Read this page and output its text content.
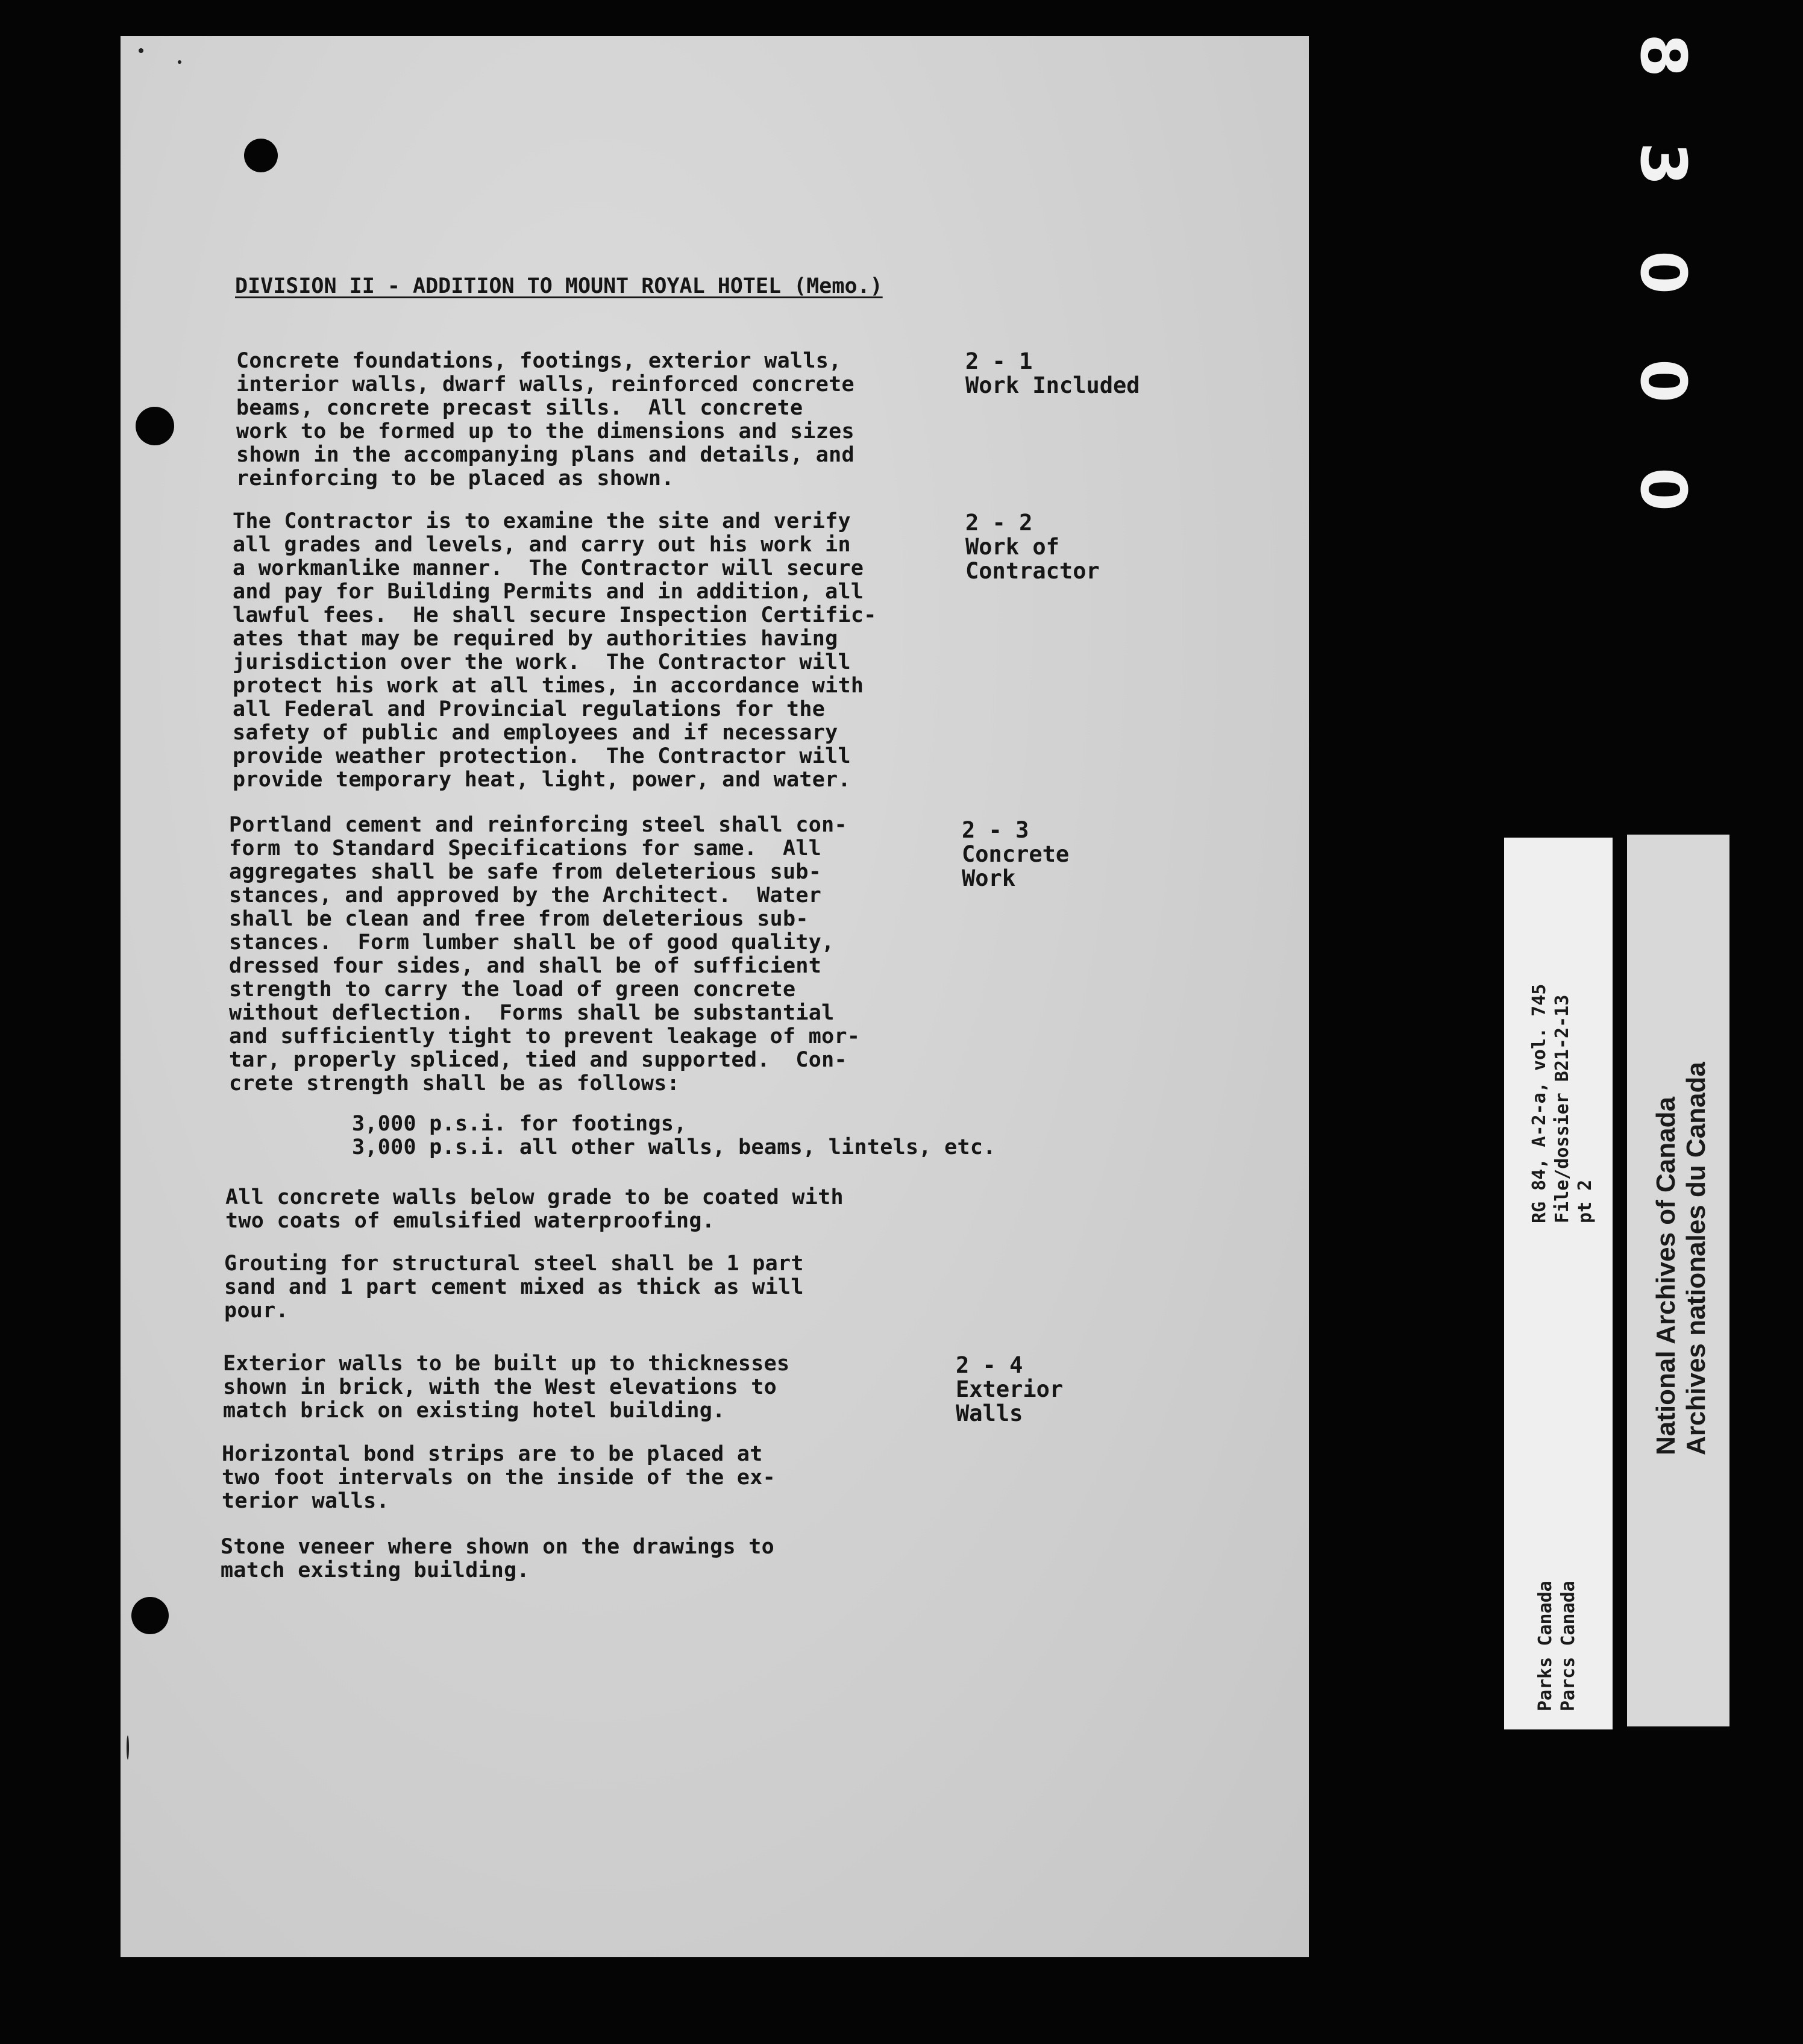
DIVISION II - ADDITION TO MOUNT ROYAL HOTEL (Memo.)
Concrete foundations, footings, exterior walls,
interior walls, dwarf walls, reinforced concrete
beams, concrete precast sills.  All concrete
work to be formed up to the dimensions and sizes
shown in the accompanying plans and details, and
reinforcing to be placed as shown.
2 - 1
Work Included
The Contractor is to examine the site and verify
all grades and levels, and carry out his work in
a workmanlike manner.  The Contractor will secure
and pay for Building Permits and in addition, all
lawful fees.  He shall secure Inspection Certific-
ates that may be required by authorities having
jurisdiction over the work.  The Contractor will
protect his work at all times, in accordance with
all Federal and Provincial regulations for the
safety of public and employees and if necessary
provide weather protection.  The Contractor will
provide temporary heat, light, power, and water.
2 - 2
Work of
Contractor
Portland cement and reinforcing steel shall con-
form to Standard Specifications for same.  All
aggregates shall be safe from deleterious sub-
stances, and approved by the Architect.  Water
shall be clean and free from deleterious sub-
stances.  Form lumber shall be of good quality,
dressed four sides, and shall be of sufficient
strength to carry the load of green concrete
without deflection.  Forms shall be substantial
and sufficiently tight to prevent leakage of mor-
tar, properly spliced, tied and supported.  Con-
crete strength shall be as follows:
2 - 3
Concrete
Work
3,000 p.s.i. for footings,
3,000 p.s.i. all other walls, beams, lintels, etc.
All concrete walls below grade to be coated with
two coats of emulsified waterproofing.
Grouting for structural steel shall be 1 part
sand and 1 part cement mixed as thick as will
pour.
Exterior walls to be built up to thicknesses
shown in brick, with the West elevations to
match brick on existing hotel building.
2 - 4
Exterior
Walls
Horizontal bond strips are to be placed at
two foot intervals on the inside of the ex-
terior walls.
Stone veneer where shown on the drawings to
match existing building.
8
3
0
0
0
RG 84, A-2-a, vol. 745
File/dossier B21-2-13
pt 2
Parks Canada
Parcs Canada
National Archives of Canada Archives nationales du Canada
